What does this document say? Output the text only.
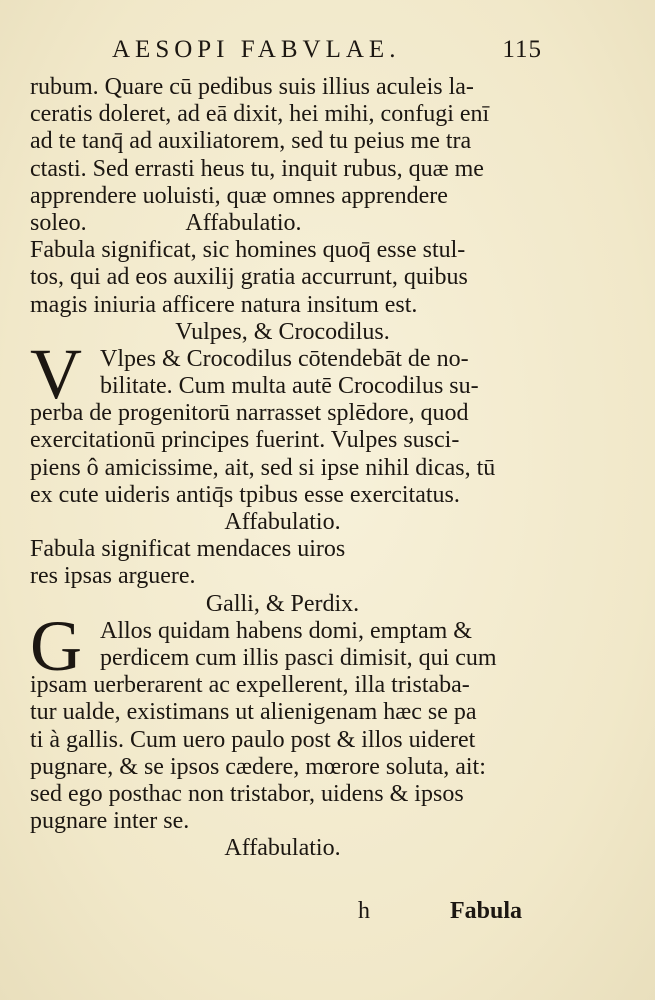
AESOPI FABVLAE.	115
rubum. Quare cū pedibus suis illius aculeis la-
ceratis doleret, ad eā dixit, hei mihi, confugi enī
ad te tanq̄ ad auxiliatorem, sed tu peius me tra
ctasti. Sed errasti heus tu, inquit rubus, quæ me
apprendere uoluisti, quæ omnes apprendere
soleo.	Affabulatio.
Fabula significat, sic homines quoq̄ esse stul-
tos, qui ad eos auxilij gratia accurrunt, quibus
magis iniuria afficere natura insitum est.
Vulpes, & Crocodilus.
V Vlpes & Crocodilus cōtendebāt de no-
bilitate. Cum multa autē Crocodilus su-
perba de progenitorū narrasset splēdore, quod
exercitationū principes fuerint. Vulpes susci-
piens ô amicissime, ait, sed si ipse nihil dicas, tū
ex cute uideris antiq̄s tpibus esse exercitatus.
Affabulatio.
Fabula significat mendaces uiros
res ipsas arguere.
Galli, & Perdix.
G Allos quidam habens domi, emptam &
perdicem cum illis pasci dimisit, qui cum
ipsam uerberarent ac expellerent, illa tristaba-
tur ualde, existimans ut alienigenam hæc se pa
ti à gallis. Cum uero paulo post & illos uideret
pugnare, & se ipsos cædere, mœrore soluta, ait:
sed ego posthac non tristabor, uidens & ipsos
pugnare inter se.
Affabulatio.
h	Fabula
